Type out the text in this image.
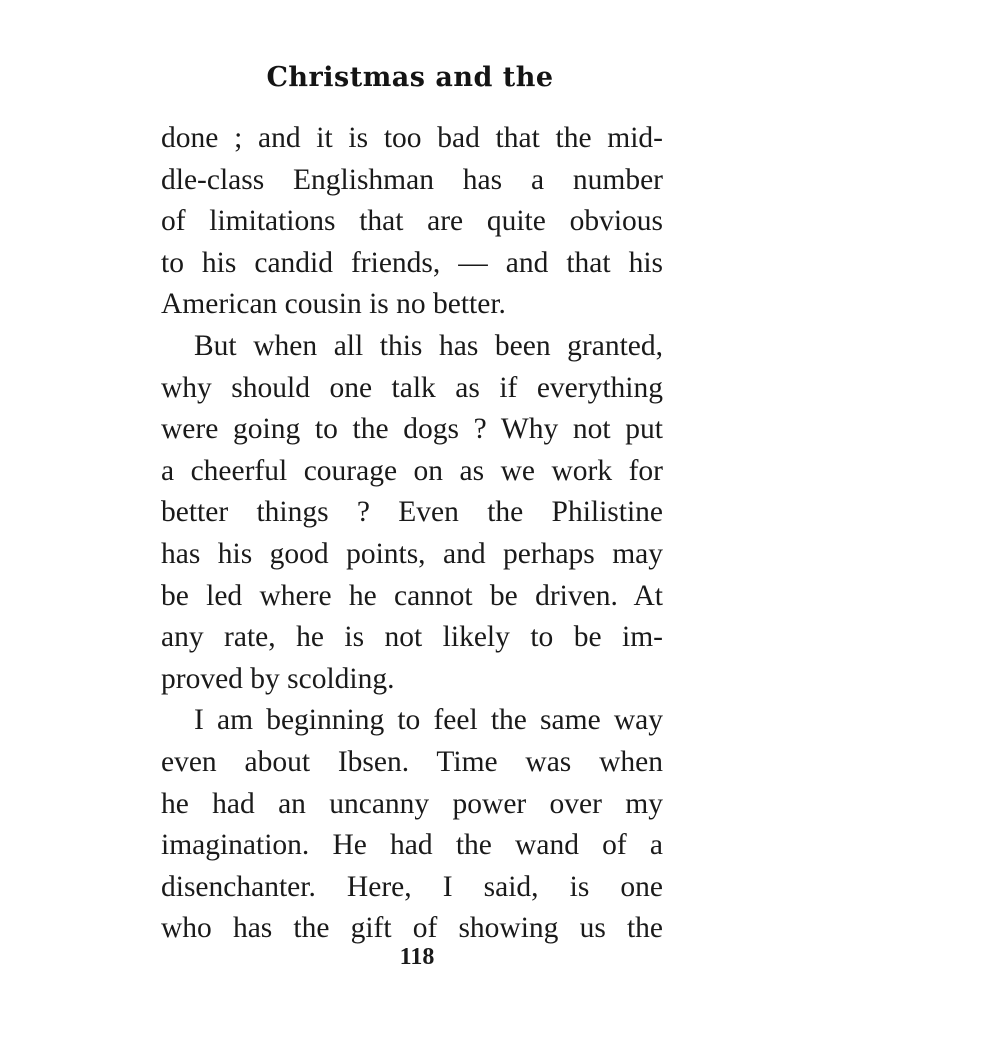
Christmas and the
done ; and it is too bad that the mid-
dle-class Englishman has a number
of limitations that are quite obvious
to his candid friends, — and that his
American cousin is no better.
But when all this has been granted,
why should one talk as if everything
were going to the dogs ? Why not put
a cheerful courage on as we work for
better things ? Even the Philistine
has his good points, and perhaps may
be led where he cannot be driven. At
any rate, he is not likely to be im-
proved by scolding.
I am beginning to feel the same way
even about Ibsen. Time was when
he had an uncanny power over my
imagination. He had the wand of a
disenchanter. Here, I said, is one
who has the gift of showing us the
118
